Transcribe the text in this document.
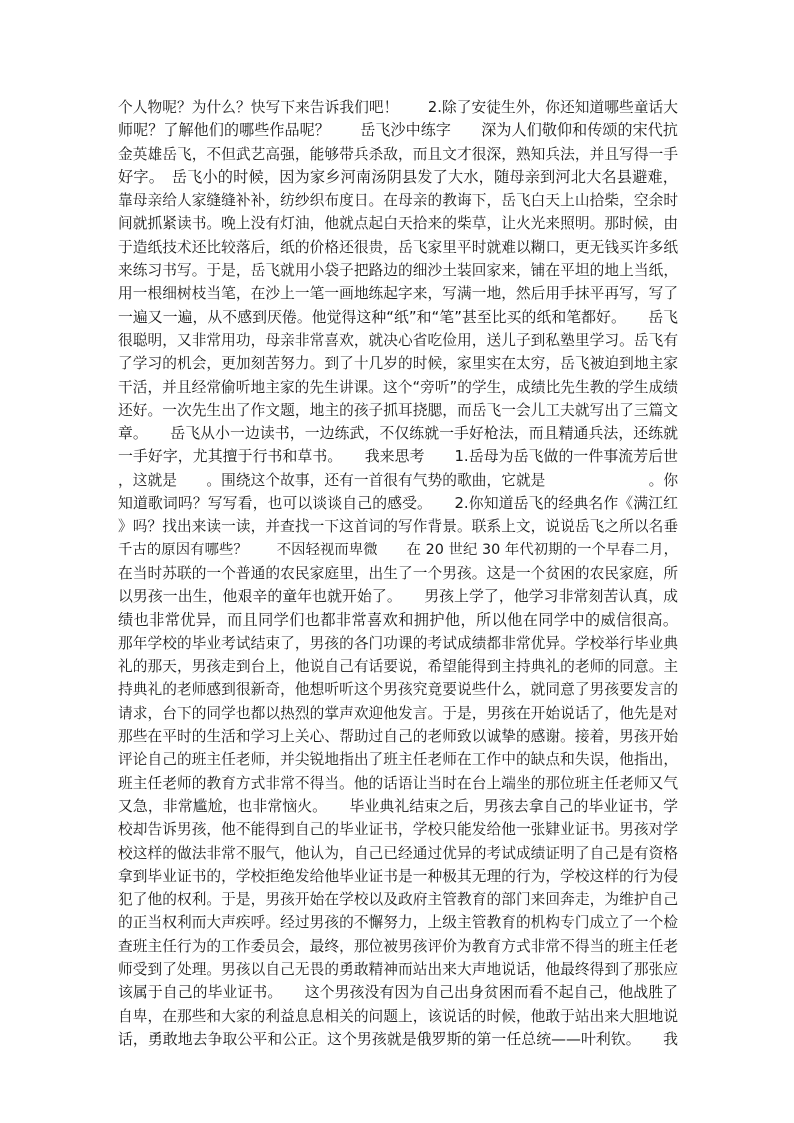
个人物呢？为什么？快写下来告诉我们吧！　　2.除了安徒生外，你还知道哪些童话大
师呢？了解他们的哪些作品呢？　　岳飞沙中练字　　深为人们敬仰和传颂的宋代抗
金英雄岳飞，不但武艺高强，能够带兵杀敌，而且文才很深，熟知兵法，并且写得一手
好字。　岳飞小的时候，因为家乡河南汤阴县发了大水，随母亲到河北大名县避难，
靠母亲给人家缝缝补补，纺纱织布度日。在母亲的教诲下，岳飞白天上山拾柴，空余时
间就抓紧读书。晚上没有灯油，他就点起白天拾来的柴草，让火光来照明。那时候，由
于造纸技术还比较落后，纸的价格还很贵，岳飞家里平时就难以糊口，更无钱买许多纸
来练习书写。于是，岳飞就用小袋子把路边的细沙土装回家来，铺在平坦的地上当纸，
用一根细树枝当笔，在沙上一笔一画地练起字来，写满一地，然后用手抹平再写，写了
一遍又一遍，从不感到厌倦。他觉得这种“纸”和“笔”甚至比买的纸和笔都好。　　岳飞
很聪明，又非常用功，母亲非常喜欢，就决心省吃俭用，送儿子到私塾里学习。岳飞有
了学习的机会，更加刻苦努力。到了十几岁的时候，家里实在太穷，岳飞被迫到地主家
干活，并且经常偷听地主家的先生讲课。这个“旁听”的学生，成绩比先生教的学生成绩
还好。一次先生出了作文题，地主的孩子抓耳挠腮，而岳飞一会儿工夫就写出了三篇文
章。　　岳飞从小一边读书，一边练武，不仅练就一手好枪法，而且精通兵法，还练就
一手好字，尤其擅于行书和草书。　　我来思考　　1.岳母为岳飞做的一件事流芳后世
，这就是　　。围绕这个故事，还有一首很有气势的歌曲，它就是　　　　　　　。你
知道歌词吗？写写看，也可以谈谈自己的感受。　　2.你知道岳飞的经典名作《满江红
》吗？找出来读一读，并查找一下这首词的写作背景。联系上文，说说岳飞之所以名垂
千古的原因有哪些？　　不因轻视而卑微　　在 20 世纪 30 年代初期的一个早春二月，
在当时苏联的一个普通的农民家庭里，出生了一个男孩。这是一个贫困的农民家庭，所
以男孩一出生，他艰辛的童年也就开始了。　　男孩上学了，他学习非常刻苦认真，成
绩也非常优异，而且同学们也都非常喜欢和拥护他，所以他在同学中的威信很高。
那年学校的毕业考试结束了，男孩的各门功课的考试成绩都非常优异。学校举行毕业典
礼的那天，男孩走到台上，他说自己有话要说，希望能得到主持典礼的老师的同意。主
持典礼的老师感到很新奇，他想听听这个男孩究竟要说些什么，就同意了男孩要发言的
请求，台下的同学也都以热烈的掌声欢迎他发言。于是，男孩在开始说话了，他先是对
那些在平时的生活和学习上关心、帮助过自己的老师致以诚挚的感谢。接着，男孩开始
评论自己的班主任老师，并尖锐地指出了班主任老师在工作中的缺点和失误，他指出，
班主任老师的教育方式非常不得当。他的话语让当时在台上端坐的那位班主任老师又气
又急，非常尴尬，也非常恼火。　　毕业典礼结束之后，男孩去拿自己的毕业证书，学
校却告诉男孩，他不能得到自己的毕业证书，学校只能发给他一张肄业证书。男孩对学
校这样的做法非常不服气，他认为，自己已经通过优异的考试成绩证明了自己是有资格
拿到毕业证书的，学校拒绝发给他毕业证书是一种极其无理的行为，学校这样的行为侵
犯了他的权利。于是，男孩开始在学校以及政府主管教育的部门来回奔走，为维护自己
的正当权利而大声疾呼。经过男孩的不懈努力，上级主管教育的机构专门成立了一个检
查班主任行为的工作委员会，最终，那位被男孩评价为教育方式非常不得当的班主任老
师受到了处理。男孩以自己无畏的勇敢精神而站出来大声地说话，他最终得到了那张应
该属于自己的毕业证书。　　这个男孩没有因为自己出身贫困而看不起自己，他战胜了
自卑，在那些和大家的利益息息相关的问题上，该说话的时候，他敢于站出来大胆地说
话，勇敢地去争取公平和公正。这个男孩就是俄罗斯的第一任总统——叶利钦。　　我
